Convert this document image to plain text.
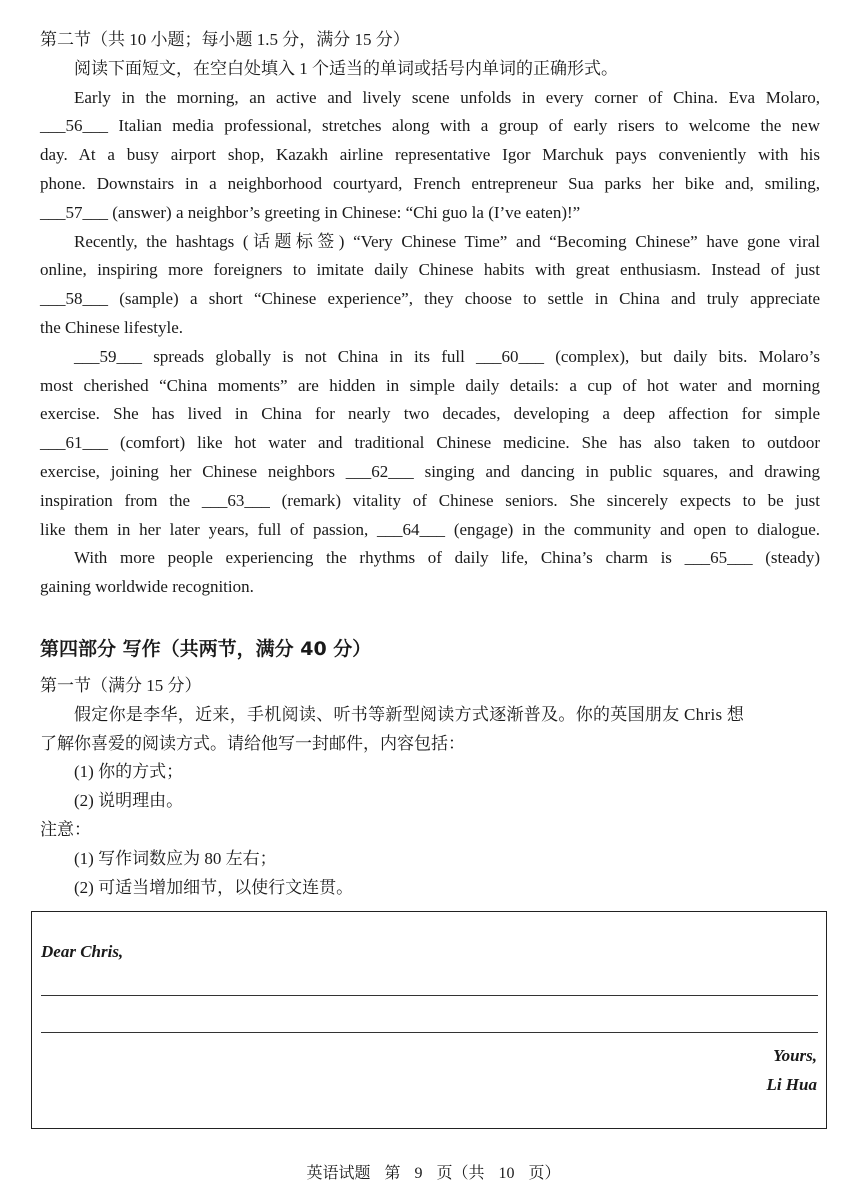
第二节（共 10 小题；每小题 1.5 分，满分 15 分）
阅读下面短文，在空白处填入 1 个适当的单词或括号内单词的正确形式。
Early in the morning, an active and lively scene unfolds in every corner of China. Eva Molaro,
___56___ Italian media professional, stretches along with a group of early risers to welcome the new
day. At a busy airport shop, Kazakh airline representative Igor Marchuk pays conveniently with his
phone. Downstairs in a neighborhood courtyard, French entrepreneur Sua parks her bike and, smiling,
___57___ (answer) a neighbor’s greeting in Chinese: “Chi guo la (I’ve eaten)!”
Recently, the hashtags (话题标签) “Very Chinese Time” and “Becoming Chinese” have gone viral
online, inspiring more foreigners to imitate daily Chinese habits with great enthusiasm. Instead of just
___58___ (sample) a short “Chinese experience”, they choose to settle in China and truly appreciate
the Chinese lifestyle.
___59___ spreads globally is not China in its full ___60___ (complex), but daily bits. Molaro’s
most cherished “China moments” are hidden in simple daily details: a cup of hot water and morning
exercise. She has lived in China for nearly two decades, developing a deep affection for simple
___61___ (comfort) like hot water and traditional Chinese medicine. She has also taken to outdoor
exercise, joining her Chinese neighbors ___62___ singing and dancing in public squares, and drawing
inspiration from the ___63___ (remark) vitality of Chinese seniors. She sincerely expects to be just
like them in her later years, full of passion, ___64___ (engage) in the community and open to dialogue.
With more people experiencing the rhythms of daily life, China’s charm is ___65___ (steady)
gaining worldwide recognition.
第四部分 写作（共两节，满分 40 分）
第一节（满分 15 分）
假定你是李华，近来，手机阅读、听书等新型阅读方式逐渐普及。你的英国朋友 Chris 想
了解你喜爱的阅读方式。请给他写一封邮件，内容包括：
(1) 你的方式；
(2) 说明理由。
注意：
(1) 写作词数应为 80 左右；
(2) 可适当增加细节，以使行文连贯。
Dear Chris,
Yours,
Li Hua
英语试题 第 9 页（共 10 页）
